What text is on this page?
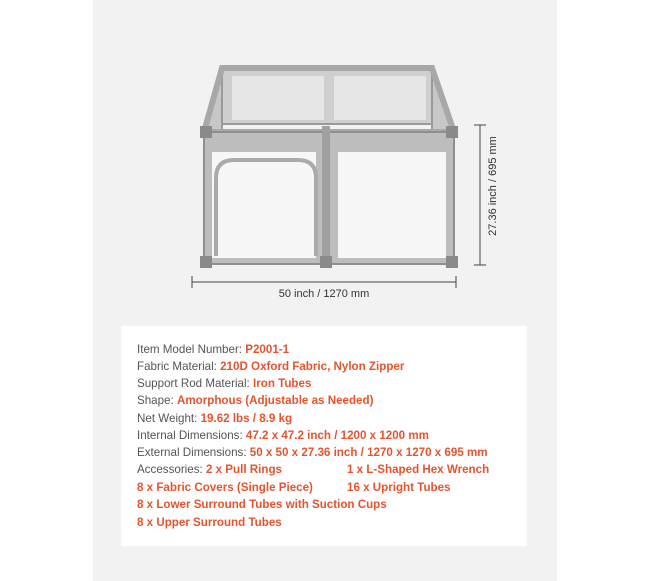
27.36 inch / 695 mm
50 inch / 1270 mm
Item Model Number: P2001-1
Fabric Material: 210D Oxford Fabric, Nylon Zipper
Support Rod Material: Iron Tubes
Shape: Amorphous (Adjustable as Needed)
Net Weight: 19.62 lbs / 8.9 kg
Internal Dimensions: 47.2 x 47.2 inch / 1200 x 1200 mm
External Dimensions: 50 x 50 x 27.36 inch / 1270 x 1270 x 695 mm
Accessories: 2 x Pull Rings	1 x L-Shaped Hex Wrench
8 x Fabric Covers (Single Piece)	16 x Upright Tubes
8 x Lower Surround Tubes with Suction Cups
8 x Upper Surround Tubes
